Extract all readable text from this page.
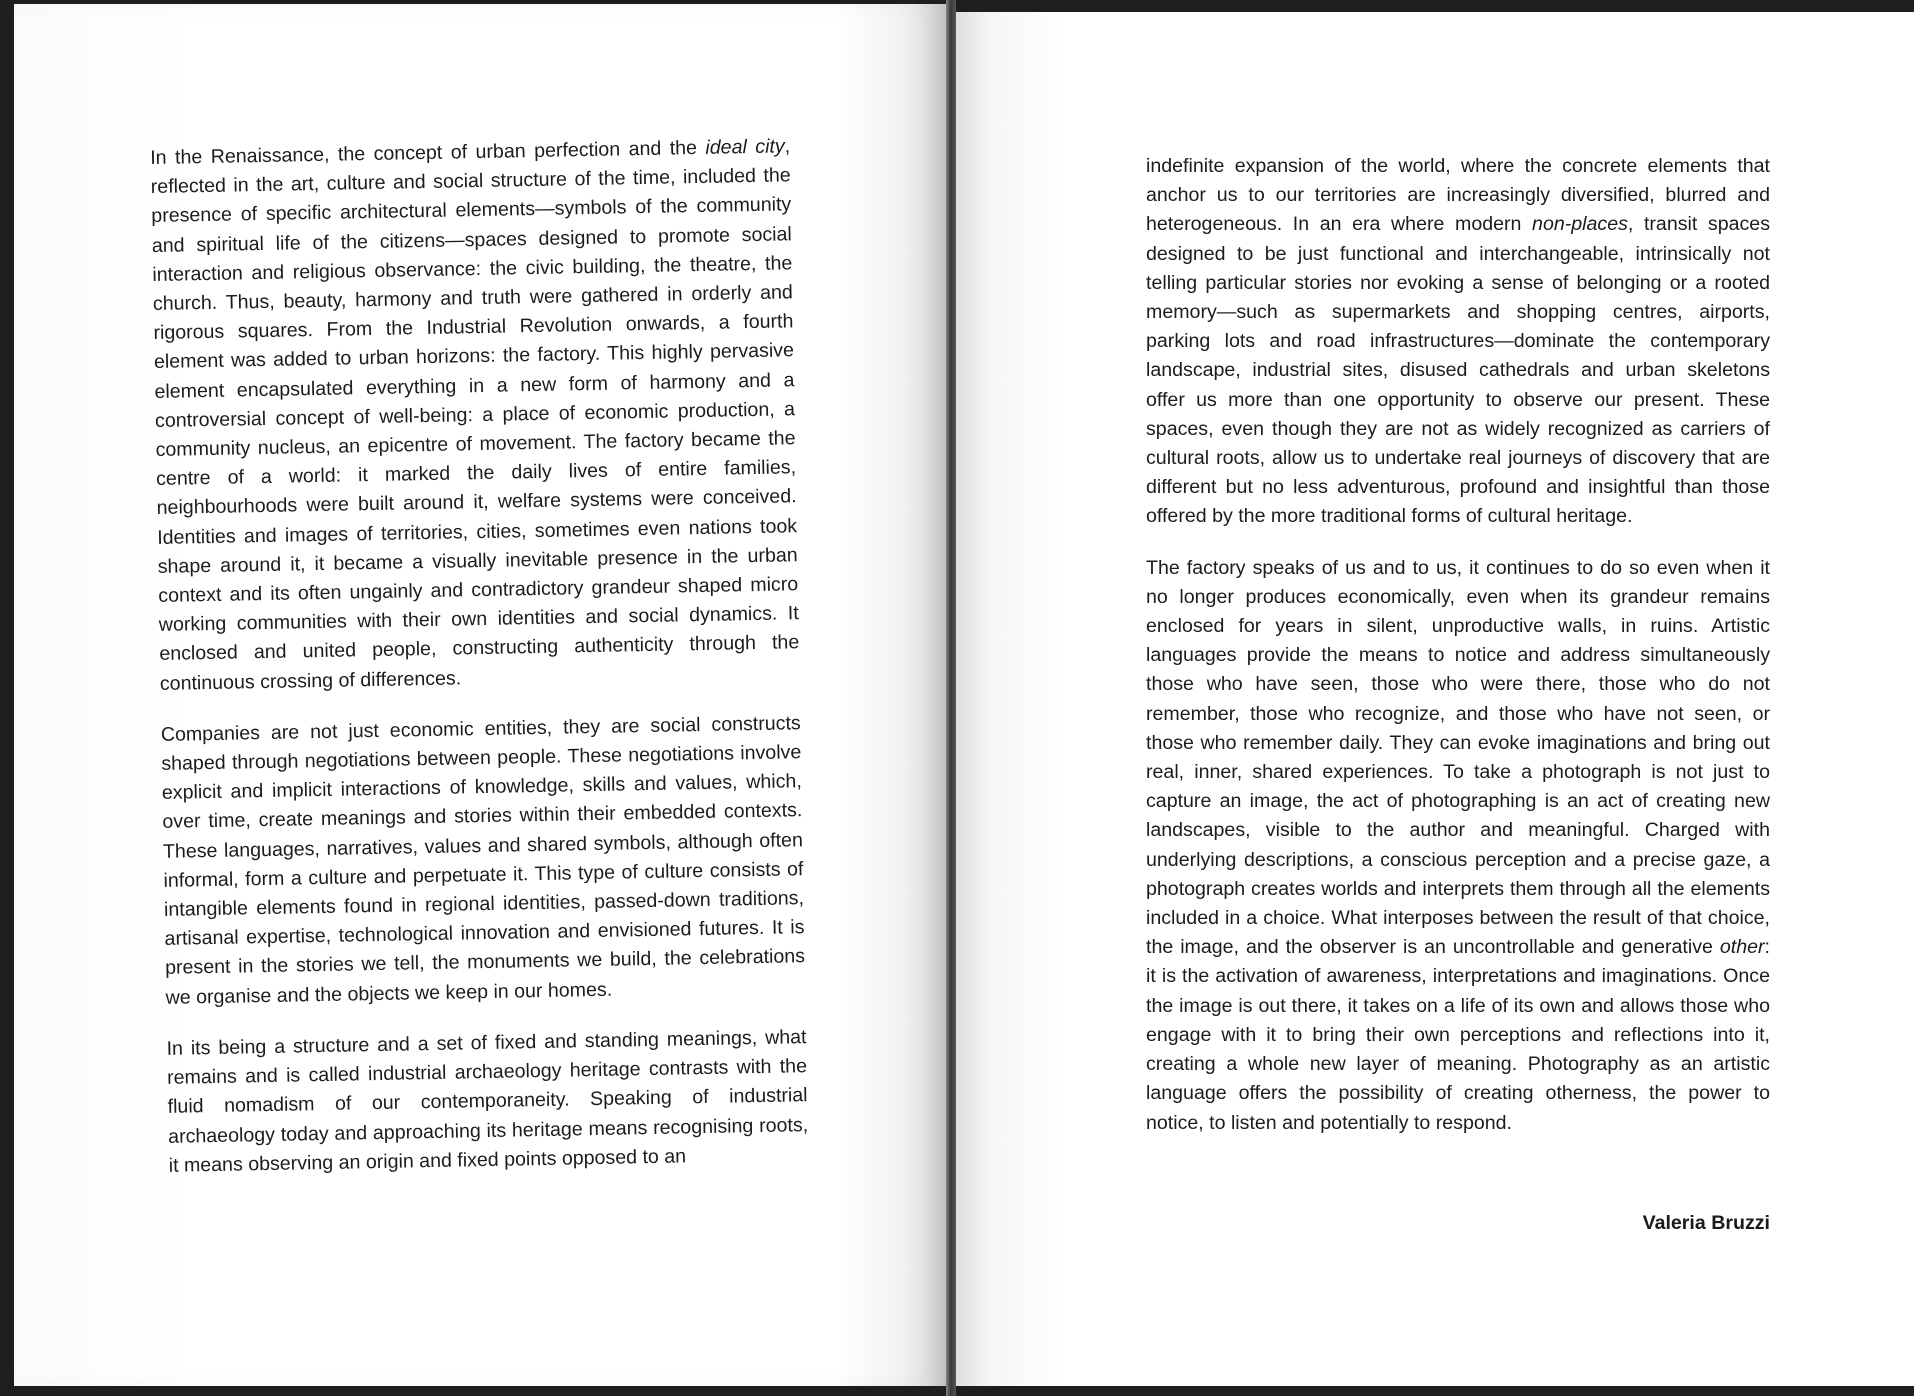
In the Renaissance, the concept of urban perfection and the ideal city, reflected in the art, culture and social structure of the time, included the presence of specific architectural elements—symbols of the community and spiritual life of the citizens—spaces designed to promote social interaction and religious observance: the civic building, the theatre, the church. Thus, beauty, harmony and truth were gathered in orderly and rigorous squares. From the Industrial Revolution onwards, a fourth element was added to urban horizons: the factory. This highly pervasive element encapsulated everything in a new form of harmony and a controversial concept of well-being: a place of economic production, a community nucleus, an epicentre of movement. The factory became the centre of a world: it marked the daily lives of entire families, neighbourhoods were built around it, welfare systems were conceived. Identities and images of territories, cities, sometimes even nations took shape around it, it became a visually inevitable presence in the urban context and its often ungainly and contradictory grandeur shaped micro working communities with their own identities and social dynamics. It enclosed and united people, constructing authenticity through the continuous crossing of differences.

Companies are not just economic entities, they are social constructs shaped through negotiations between people. These negotiations involve explicit and implicit interactions of knowledge, skills and values, which, over time, create meanings and stories within their embedded contexts. These languages, narratives, values and shared symbols, although often informal, form a culture and perpetuate it. This type of culture consists of intangible elements found in regional identities, passed-down traditions, artisanal expertise, technological innovation and envisioned futures. It is present in the stories we tell, the monuments we build, the celebrations we organise and the objects we keep in our homes.

In its being a structure and a set of fixed and standing meanings, what remains and is called industrial archaeology heritage contrasts with the fluid nomadism of our contemporaneity. Speaking of industrial archaeology today and approaching its heritage means recognising roots, it means observing an origin and fixed points opposed to an

indefinite expansion of the world, where the concrete elements that anchor us to our territories are increasingly diversified, blurred and heterogeneous. In an era where modern non-places, transit spaces designed to be just functional and interchangeable, intrinsically not telling particular stories nor evoking a sense of belonging or a rooted memory—such as supermarkets and shopping centres, airports, parking lots and road infrastructures—dominate the contemporary landscape, industrial sites, disused cathedrals and urban skeletons offer us more than one opportunity to observe our present. These spaces, even though they are not as widely recognized as carriers of cultural roots, allow us to undertake real journeys of discovery that are different but no less adventurous, profound and insightful than those offered by the more traditional forms of cultural heritage.

The factory speaks of us and to us, it continues to do so even when it no longer produces economically, even when its grandeur remains enclosed for years in silent, unproductive walls, in ruins. Artistic languages provide the means to notice and address simultaneously those who have seen, those who were there, those who do not remember, those who recognize, and those who have not seen, or those who remember daily. They can evoke imaginations and bring out real, inner, shared experiences. To take a photograph is not just to capture an image, the act of photographing is an act of creating new landscapes, visible to the author and meaningful. Charged with underlying descriptions, a conscious perception and a precise gaze, a photograph creates worlds and interprets them through all the elements included in a choice. What interposes between the result of that choice, the image, and the observer is an uncontrollable and generative other: it is the activation of awareness, interpretations and imaginations. Once the image is out there, it takes on a life of its own and allows those who engage with it to bring their own perceptions and reflections into it, creating a whole new layer of meaning. Photography as an artistic language offers the possibility of creating otherness, the power to notice, to listen and potentially to respond.

Valeria Bruzzi
